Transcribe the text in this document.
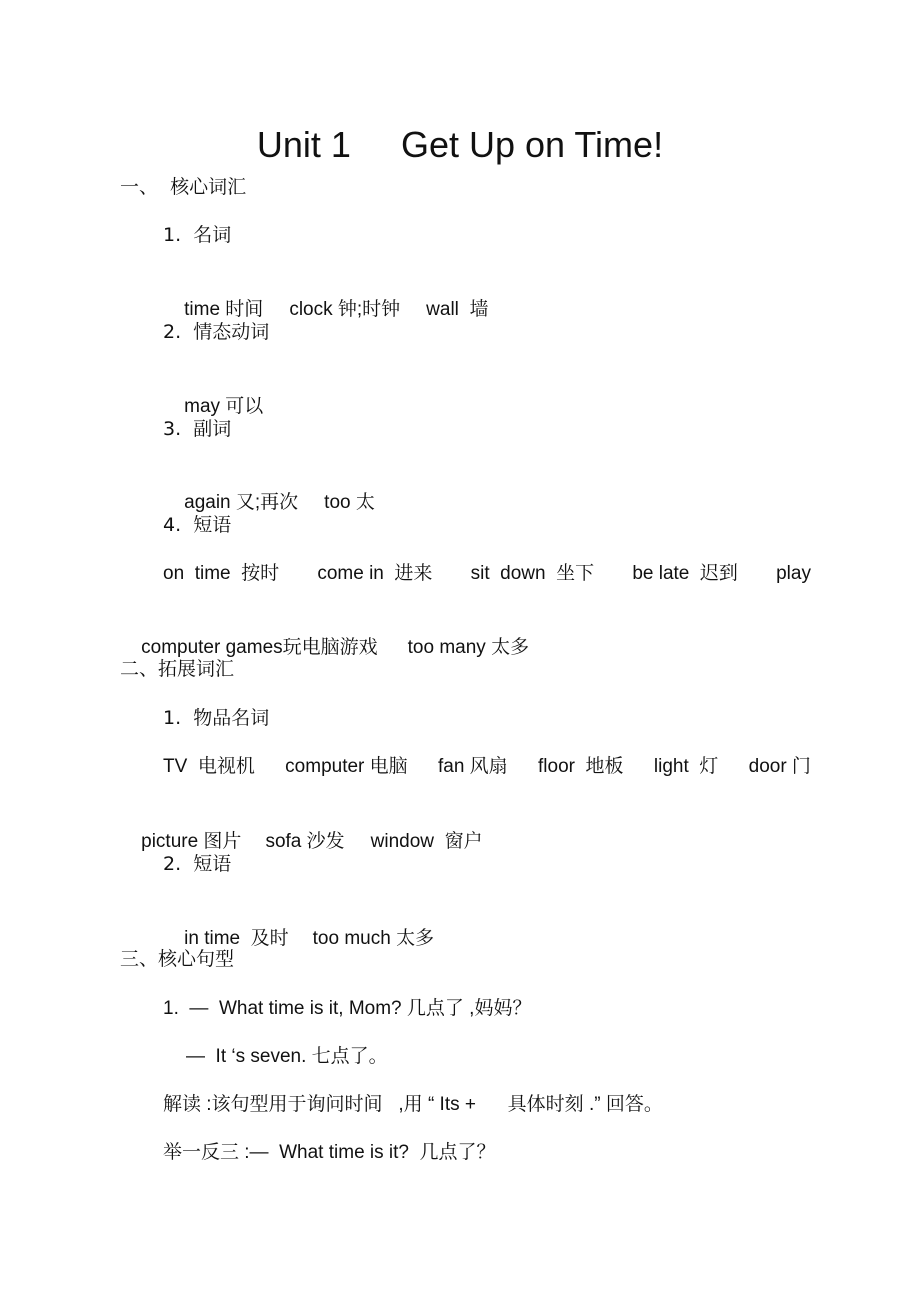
Unit 1     Get Up on Time!
一、  核心词汇
1.  名词

time 时间 clock 钟;时钟 wall  墙

2.  情态动词

may 可以

3.  副词

again 又;再次 too 太

4.  短语
on  time  按时 come in  进来 sit  down  坐下 be late  迟到 play

computer games玩电脑游戏 too many 太多

二、拓展词汇
1.  物品名词
TV  电视机 computer 电脑 fan 风扇 floor  地板 light  灯 door 门

picture 图片 sofa 沙发 window  窗户

2.  短语

in time  及时 too much 太多

三、核心句型
1.  —  What time is it, Mom? 几点了 ,妈妈？
—  It ‘s seven. 七点了。
解读 :该句型用于询问时间   ,用 “ Its +      具体时刻 .” 回答。
举一反三 :—  What time is it?  几点了？
